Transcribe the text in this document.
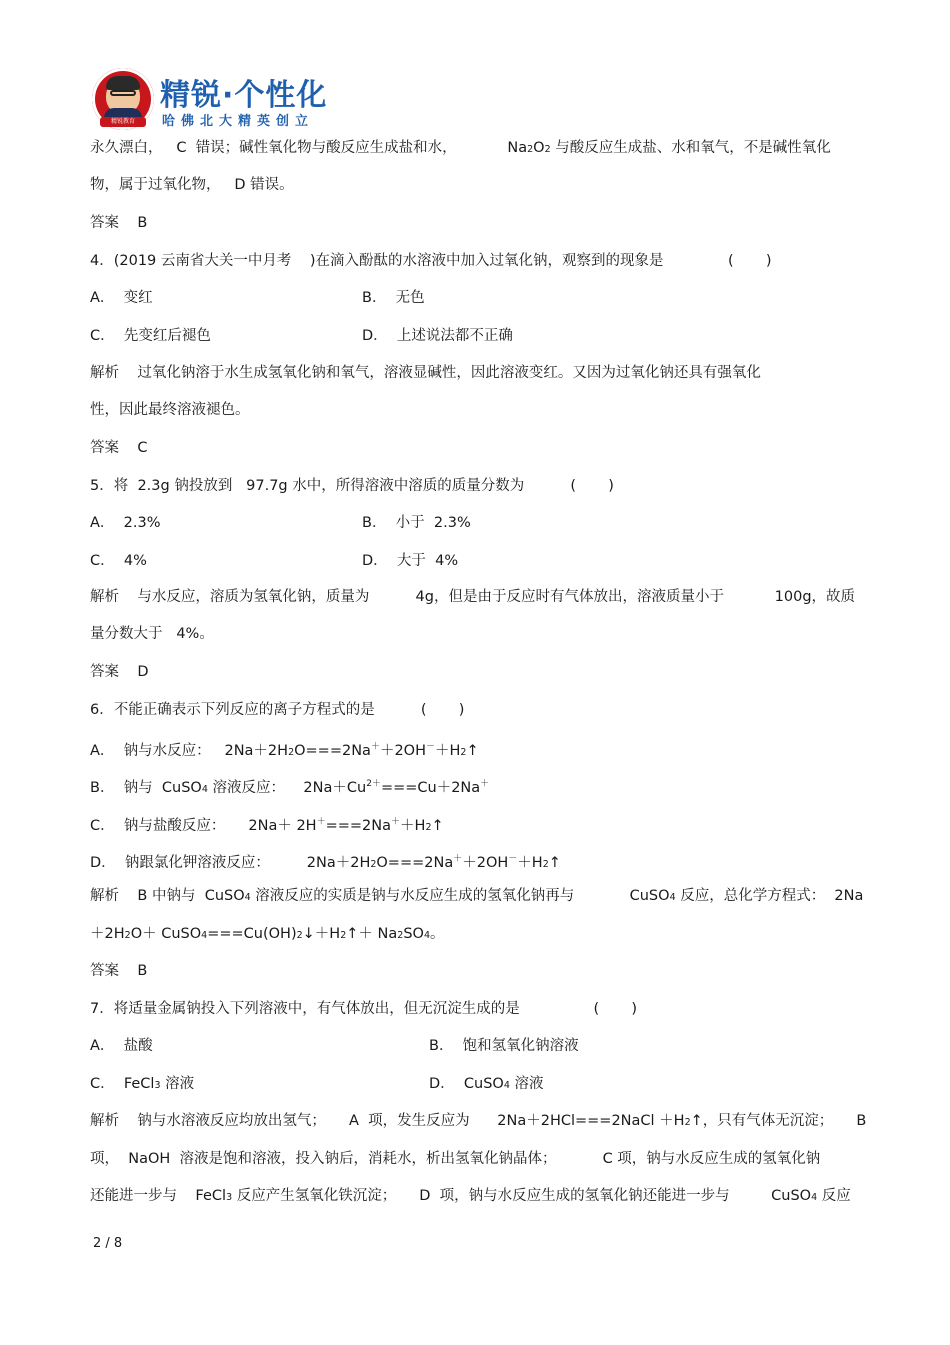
精锐教育
精锐·个性化
哈佛北大精英创立
永久漂白，   C  错误；碱性氧化物与酸反应生成盐和水，           Na2O2 与酸反应生成盐、水和氧气，不是碱性氧化
物，属于过氧化物，   D 错误。
答案    B
4．(2019 云南省大关一中月考    )在滴入酚酞的水溶液中加入过氧化钠，观察到的现象是              (       )
A．  变红	B．  无色
C．  先变红后褪色	D．  上述说法都不正确
解析    过氧化钠溶于水生成氢氧化钠和氧气，溶液显碱性，因此溶液变红。又因为过氧化钠还具有强氧化
性，因此最终溶液褪色。
答案    C
5．将  2.3g 钠投放到   97.7g 水中，所得溶液中溶质的质量分数为          (       )
A．  2.3%	B．  小于  2.3%
C．  4%	D．  大于  4%
解析    与水反应，溶质为氢氧化钠，质量为          4g，但是由于反应时有气体放出，溶液质量小于           100g，故质
量分数大于   4%。
答案    D
6．不能正确表示下列反应的离子方程式的是          (       )
A．  钠与水反应：   2Na＋2H2O===2Na＋＋2OH－＋H2↑
B．  钠与  CuSO4 溶液反应：    $2Na+Cu^{2+}===Cu+2Na^+$
C．  钠与盐酸反应：     2Na＋ 2H＋===2Na＋＋H2↑
D．  钠跟氯化钾溶液反应：        2Na＋2H2O===2Na＋＋2OH－＋H2↑
解析    B 中钠与  CuSO4 溶液反应的实质是钠与水反应生成的氢氧化钠再与            CuSO4 反应，总化学方程式：  2Na
＋2H2O＋ CuSO4===Cu(OH)2↓＋H2↑＋ Na2SO4。
答案    B
7．将适量金属钠投入下列溶液中，有气体放出，但无沉淀生成的是                (       )
A．  盐酸	B．  饱和氢氧化钠溶液
C．  FeCl3 溶液	D．  CuSO4 溶液
解析    钠与水溶液反应均放出氢气；     A  项，发生反应为      2Na＋2HCl===2NaCl ＋H2↑，只有气体无沉淀；     B
项，  NaOH  溶液是饱和溶液，投入钠后，消耗水，析出氢氧化钠晶体；          C 项，钠与水反应生成的氢氧化钠
还能进一步与    FeCl3 反应产生氢氧化铁沉淀；     D  项，钠与水反应生成的氢氧化钠还能进一步与         CuSO4 反应
2 / 8
